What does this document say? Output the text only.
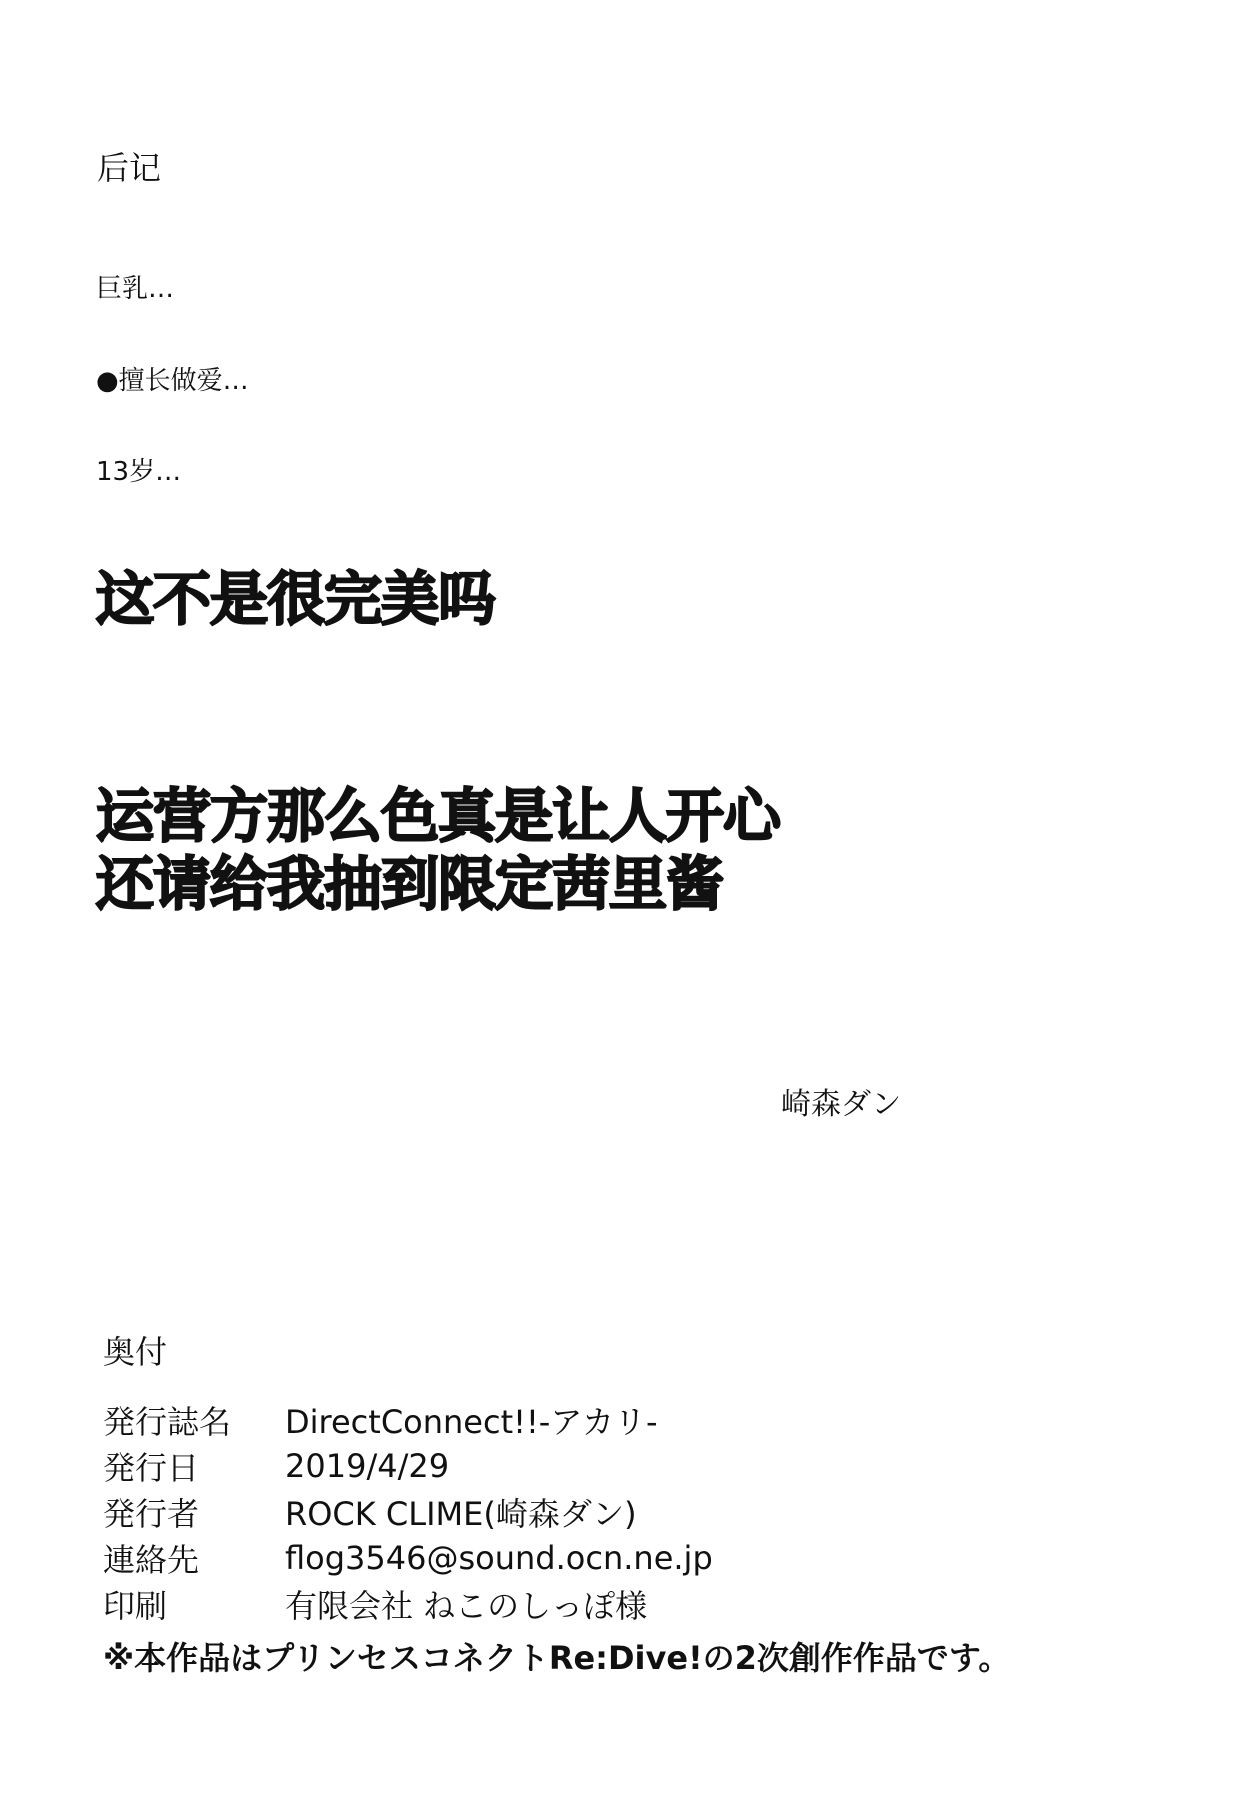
后记
巨乳…
●擅长做爱…
13岁…
这不是很完美吗
运营方那么色真是让人开心
还请给我抽到限定茜里酱
崎森ダン
奥付
発行誌名	DirectConnect!!-アカリ-
発行日	2019/4/29
発行者	ROCK CLIME(崎森ダン)
連絡先	flog3546@sound.ocn.ne.jp
印刷	有限会社 ねこのしっぽ様
※本作品はプリンセスコネクトRe:Dive!の2次創作作品です。
